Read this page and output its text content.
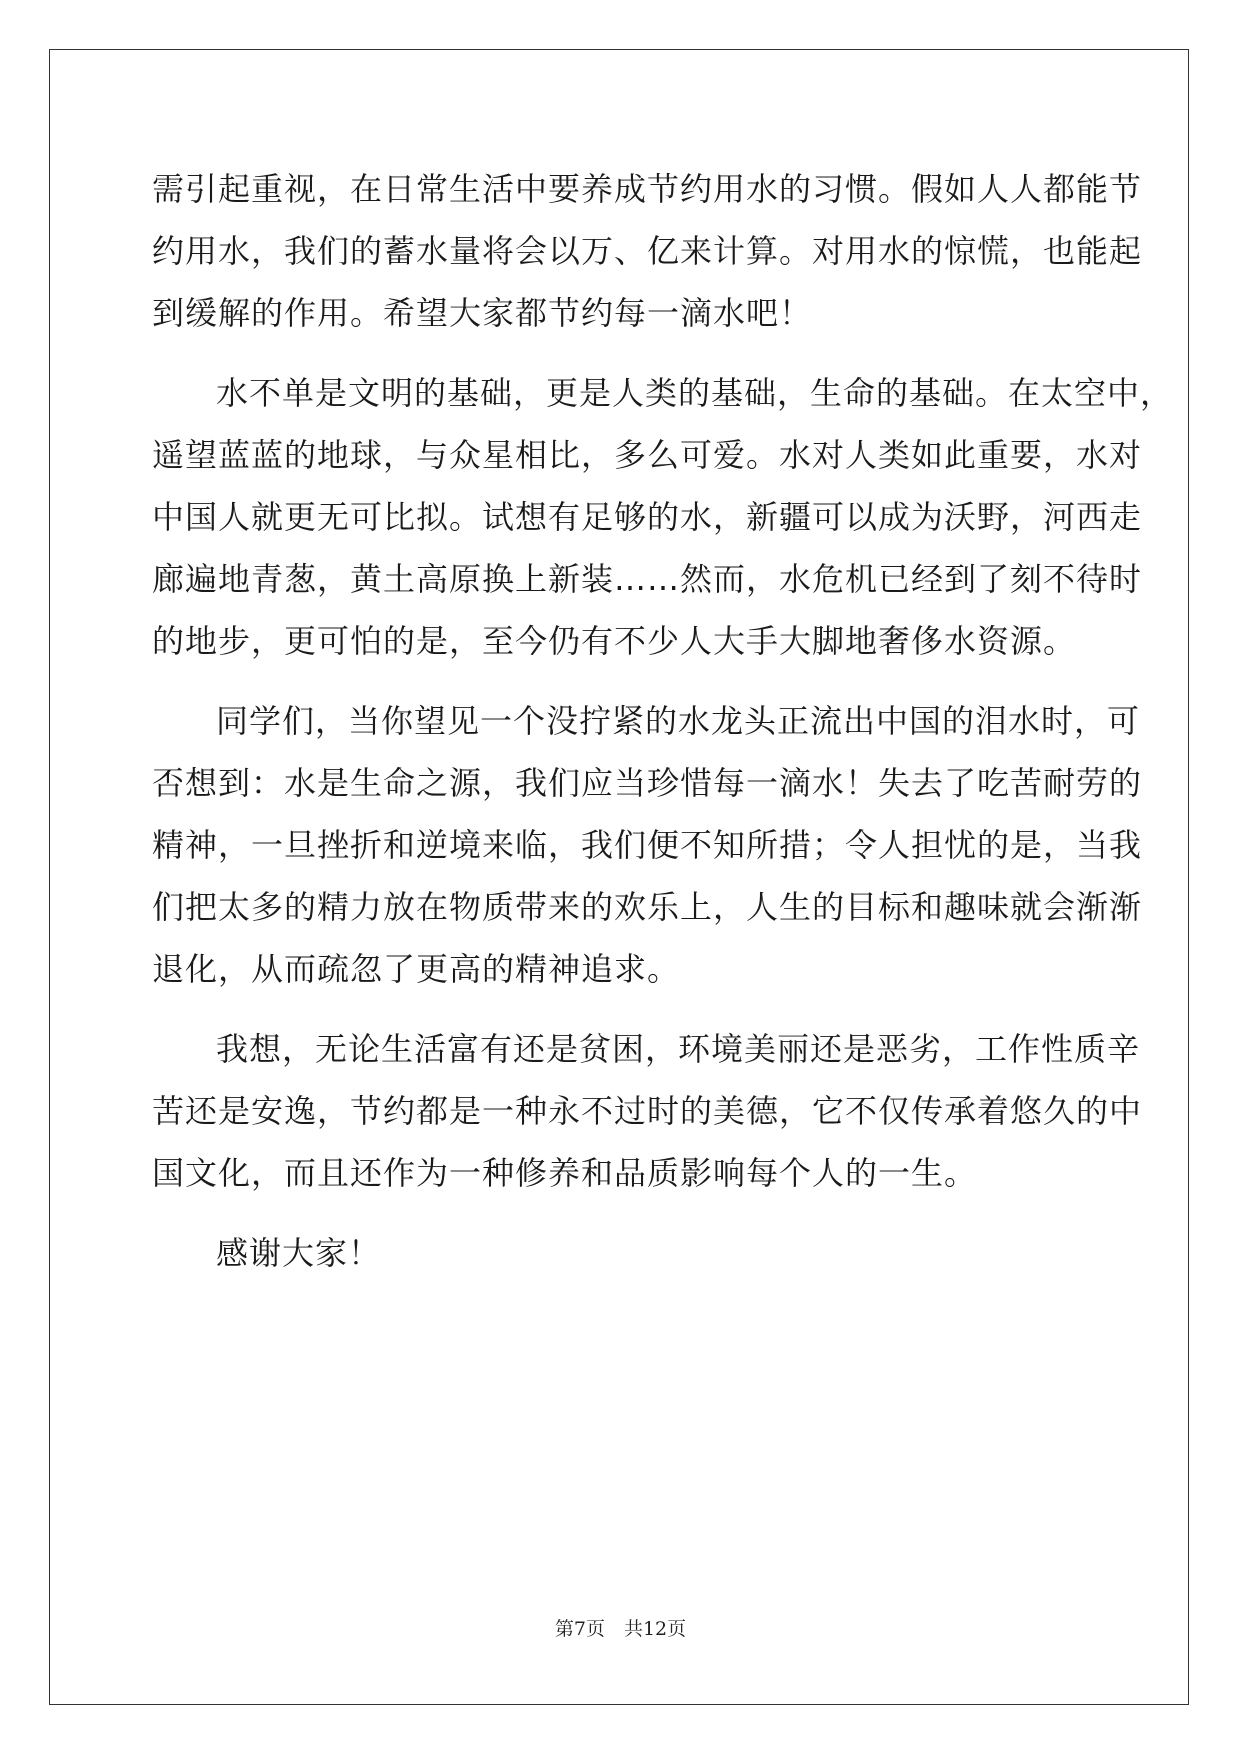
需引起重视，在日常生活中要养成节约用水的习惯。假如人人都能节
约用水，我们的蓄水量将会以万、亿来计算。对用水的惊慌，也能起
到缓解的作用。希望大家都节约每一滴水吧！
水不单是文明的基础，更是人类的基础，生命的基础。在太空中，
遥望蓝蓝的地球，与众星相比，多么可爱。水对人类如此重要，水对
中国人就更无可比拟。试想有足够的水，新疆可以成为沃野，河西走
廊遍地青葱，黄土高原换上新装……然而，水危机已经到了刻不待时
的地步，更可怕的是，至今仍有不少人大手大脚地奢侈水资源。
同学们，当你望见一个没拧紧的水龙头正流出中国的泪水时，可
否想到：水是生命之源，我们应当珍惜每一滴水！失去了吃苦耐劳的
精神，一旦挫折和逆境来临，我们便不知所措；令人担忧的是，当我
们把太多的精力放在物质带来的欢乐上，人生的目标和趣味就会渐渐
退化，从而疏忽了更高的精神追求。
我想，无论生活富有还是贫困，环境美丽还是恶劣，工作性质辛
苦还是安逸，节约都是一种永不过时的美德，它不仅传承着悠久的中
国文化，而且还作为一种修养和品质影响每个人的一生。
感谢大家！
第7页　共12页
